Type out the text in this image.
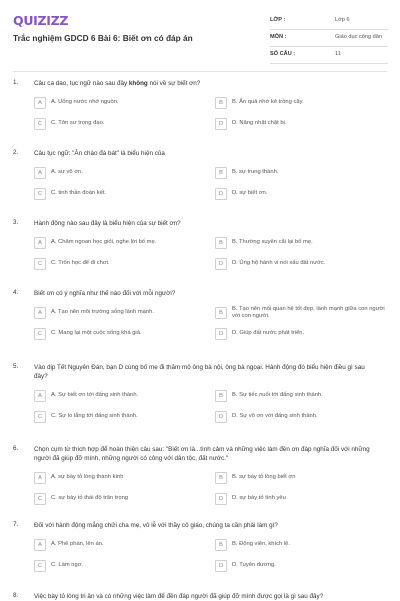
QUIZIZZ
Trắc nghiệm GDCD 6 Bài 6: Biết ơn có đáp án
LỚP :	Lớp 6
MÔN :	Giáo dục công dân
SỐ CÂU :	11
1. Câu ca dao, tục ngữ nào sau đây không nói về sự biết ơn?
A	A. Uống nước nhớ nguồn.	B	B. Ăn quả nhớ kẻ trồng cây.
C	C. Tôn sư trọng đạo.	D	D. Năng nhặt chặt bị.
2. Câu tục ngữ: "Ăn cháo đá bát" là biểu hiện của
A	A. sự vô ơn.	B	B. sự trung thành.
C	C. tinh thần đoàn kết.	D	D. sự biết ơn.
3. Hành động nào sau đây là biểu hiện của sự biết ơn?
A	A. Chăm ngoan học giỏi, nghe lời bố mẹ.	B	B. Thường xuyên cãi lại bố mẹ.
C	C. Trốn học để đi chơi.	D	D. Ủng hộ hành vi nói xấu đất nước.
4. Biết ơn có ý nghĩa như thế nào đối với mỗi người?
A	A. Tạo nên môi trường sống lành mạnh.	B
B. Tạo nên mối quan hệ tốt đẹp, lành mạnh giữa con người với con người.
C	C. Mang lại một cuộc sống khá giả.	D	D. Giúp đất nước phát triển.
5. Vào dịp Tết Nguyên Đán, bạn D cùng bố mẹ đi thăm mộ ông bà nội, ông bà ngoại. Hành động đó biểu hiện điều gì sau đây?
A	A. Sự biết ơn tới đấng sinh thành.	B	B. Sự tiếc nuối tới đấng sinh thành.
C	C. Sự lo lắng tới đấng sinh thành.	D	D. Sự vô ơn với đấng sinh thành.
6. Chọn cụm từ thích hợp để hoàn thiện câu sau: "Biết ơn là...tình cảm và những việc làm đền ơn đáp nghĩa đối với những người đã giúp đỡ mình, những người có công với dân tộc, đất nước."
A	A. sự bày tỏ lòng thành kính	B	B. sự bày tỏ lòng biết ơn
C	C. sự bày tỏ thái độ trân trọng	D	D. sự bày tỏ tình yêu
7. Đối với hành động mắng chửi cha mẹ, vô lễ với thầy cô giáo, chúng ta cần phải làm gì?
A	A. Phê phán, lên án.	B	B. Động viên, khích lệ.
C	C. Làm ngơ.	D	D. Tuyên dương.
8. Việc bày tỏ lòng tri ân và có những việc làm để đền đáp người đã giúp đỡ mình được gọi là gì sau đây?
